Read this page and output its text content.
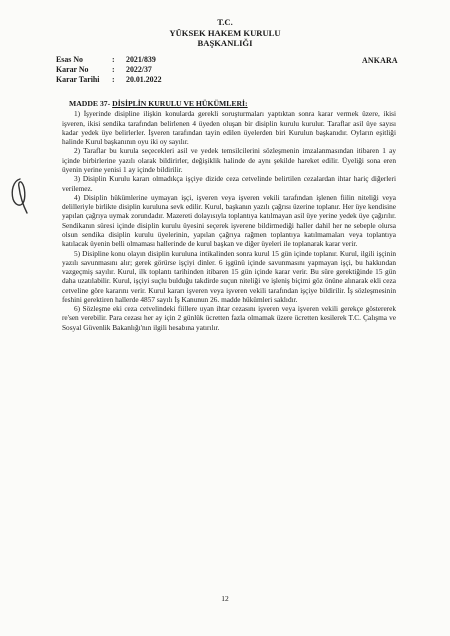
T.C.
YÜKSEK HAKEM KURULU
BAŞKANLIĞI
Esas No	:	2021/839
Karar No	:	2022/37
Karar Tarihi	:	20.01.2022
ANKARA
MADDE 37- DİSİPLİN KURULU VE HÜKÜMLERİ:

1) İşyerinde disipline ilişkin konularda gerekli soruşturmaları yaptıktan sonra karar vermek üzere, ikisi işveren, ikisi sendika tarafından belirlenen 4 üyeden oluşan bir disiplin kurulu kurulur. Taraflar asil üye sayısı kadar yedek üye belirlerler. İşveren tarafından tayin edilen üyelerden biri Kurulun başkanıdır. Oyların eşitliği halinde Kurul başkanının oyu iki oy sayılır.

2) Taraflar bu kurula seçecekleri asil ve yedek temsilcilerini sözleşmenin imzalanmasından itibaren 1 ay içinde birbirlerine yazılı olarak bildirirler, değişiklik halinde de aynı şekilde hareket edilir. Üyeliği sona eren üyenin yerine yenisi 1 ay içinde bildirilir.

3) Disiplin Kurulu kararı olmadıkça işçiye dizide ceza cetvelinde belirtilen cezalardan ihtar hariç diğerleri verilemez.

4) Disiplin hükümlerine uymayan işçi, işveren veya işveren vekili tarafından işlenen fiilin niteliği veya delilleriyle birlikte disiplin kuruluna sevk edilir. Kurul, başkanın yazılı çağrısı üzerine toplanır. Her üye kendisine yapılan çağrıya uymak zorundadır. Mazereti dolayısıyla toplantıya katılmayan asil üye yerine yedek üye çağırılır. Sendikanın süresi içinde disiplin kurulu üyesini seçerek işverene bildirmediği haller dahil her ne sebeple olursa olsun sendika disiplin kurulu üyelerinin, yapılan çağrıya rağmen toplantıya katılmamaları veya toplantıya katılacak üyenin belli olmaması hallerinde de kurul başkan ve diğer üyeleri ile toplanarak karar verir.

5) Disipline konu olayın disiplin kuruluna intikalinden sonra kurul 15 gün içinde toplanır. Kurul, ilgili işçinin yazılı savunmasını alır; gerek görürse işçiyi dinler. 6 işgünü içinde savunmasını yapmayan işçi, bu hakkından vazgeçmiş sayılır. Kurul, ilk toplantı tarihinden itibaren 15 gün içinde karar verir. Bu süre gerektiğinde 15 gün daha uzatılabilir. Kurul, işçiyi suçlu bulduğu takdirde suçun niteliği ve işleniş biçimi göz önüne alınarak ekli ceza cetveline göre kararını verir. Kurul kararı işveren veya işveren vekili tarafından işçiye bildirilir. İş sözleşmesinin feshini gerektiren hallerde 4857 sayılı İş Kanunun 26. madde hükümleri saklıdır.

6) Sözleşme eki ceza cetvelindeki fiillere uyan ihtar cezasını işveren veya işveren vekili gerekçe göstererek re'sen verebilir. Para cezası her ay için 2 günlük ücretten fazla olmamak üzere ücretten kesilerek T.C. Çalışma ve Sosyal Güvenlik Bakanlığı'nın ilgili hesabına yatırılır.

12
